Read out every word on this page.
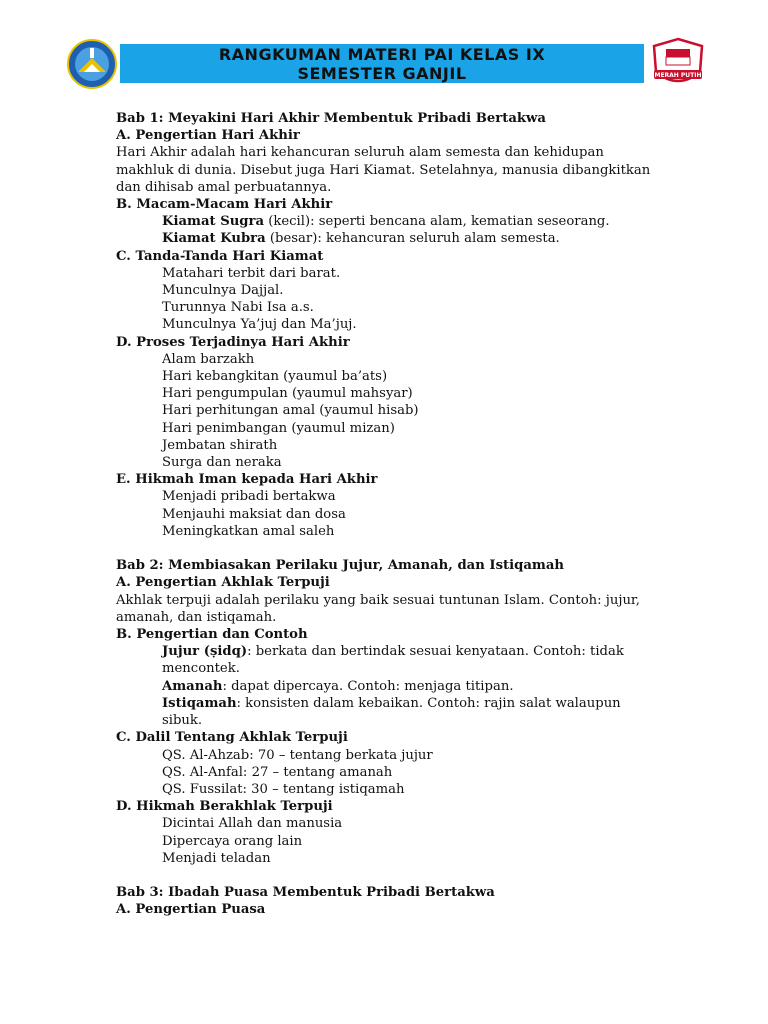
RANGKUMAN MATERI PAI KELAS IX
SEMESTER GANJIL	MERAH PUTIH
Bab 1: Meyakini Hari Akhir Membentuk Pribadi Bertakwa
A. Pengertian Hari Akhir
Hari Akhir adalah hari kehancuran seluruh alam semesta dan kehidupan
makhluk di dunia. Disebut juga Hari Kiamat. Setelahnya, manusia dibangkitkan
dan dihisab amal perbuatannya.
B. Macam-Macam Hari Akhir
Kiamat Sugra (kecil): seperti bencana alam, kematian seseorang.
Kiamat Kubra (besar): kehancuran seluruh alam semesta.
C. Tanda-Tanda Hari Kiamat
Matahari terbit dari barat.
Munculnya Dajjal.
Turunnya Nabi Isa a.s.
Munculnya Ya’juj dan Ma’juj.
D. Proses Terjadinya Hari Akhir
Alam barzakh
Hari kebangkitan (yaumul ba’ats)
Hari pengumpulan (yaumul mahsyar)
Hari perhitungan amal (yaumul hisab)
Hari penimbangan (yaumul mizan)
Jembatan shirath
Surga dan neraka
E. Hikmah Iman kepada Hari Akhir
Menjadi pribadi bertakwa
Menjauhi maksiat dan dosa
Meningkatkan amal saleh
Bab 2: Membiasakan Perilaku Jujur, Amanah, dan Istiqamah
A. Pengertian Akhlak Terpuji
Akhlak terpuji adalah perilaku yang baik sesuai tuntunan Islam. Contoh: jujur,
amanah, dan istiqamah.
B. Pengertian dan Contoh
Jujur (ṣidq): berkata dan bertindak sesuai kenyataan. Contoh: tidak
mencontek.
Amanah: dapat dipercaya. Contoh: menjaga titipan.
Istiqamah: konsisten dalam kebaikan. Contoh: rajin salat walaupun
sibuk.
C. Dalil Tentang Akhlak Terpuji
QS. Al-Ahzab: 70 – tentang berkata jujur
QS. Al-Anfal: 27 – tentang amanah
QS. Fussilat: 30 – tentang istiqamah
D. Hikmah Berakhlak Terpuji
Dicintai Allah dan manusia
Dipercaya orang lain
Menjadi teladan
Bab 3: Ibadah Puasa Membentuk Pribadi Bertakwa
A. Pengertian Puasa
